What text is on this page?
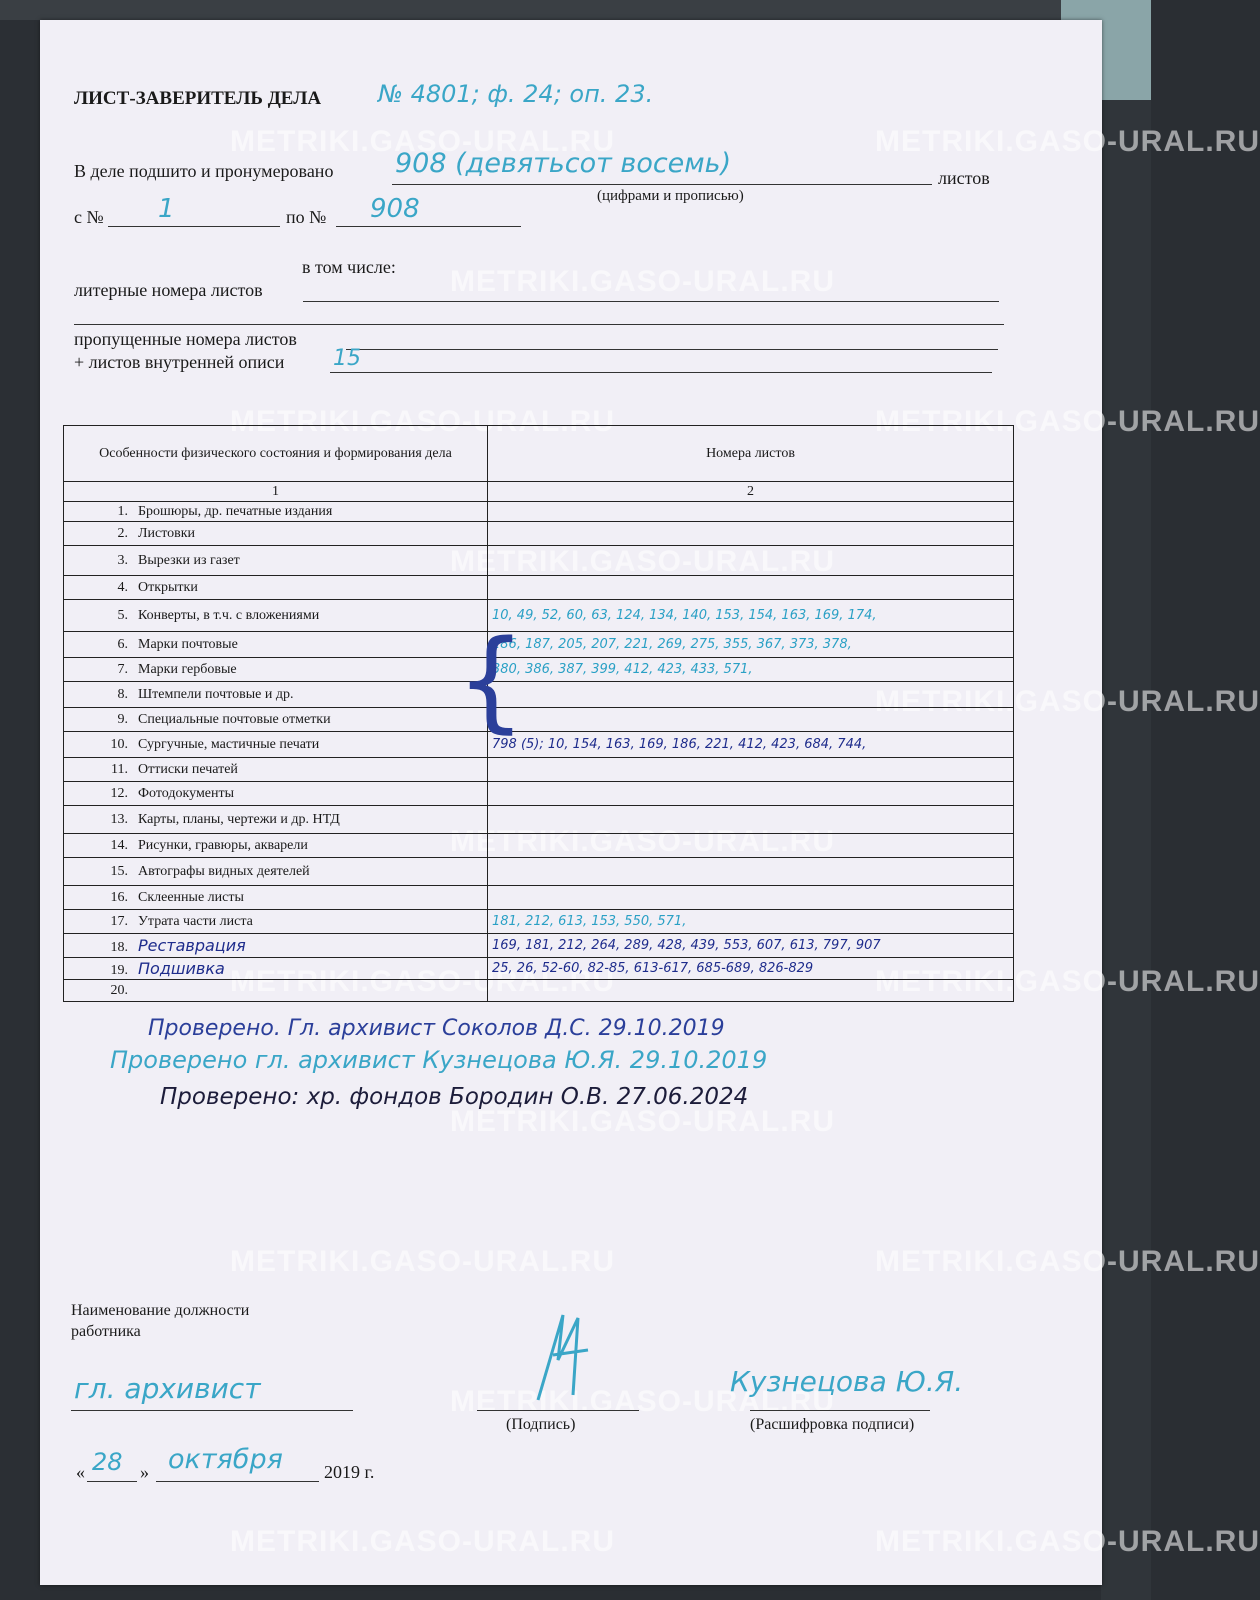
METRIKI.GASO-URAL.RU	METRIKI.GASO-URAL.RU
METRIKI.GASO-URAL.RU
METRIKI.GASO-URAL.RU	METRIKI.GASO-URAL.RU
METRIKI.GASO-URAL.RU
METRIKI.GASO-URAL.RU
METRIKI.GASO-URAL.RU
METRIKI.GASO-URAL.RU	METRIKI.GASO-URAL.RU
METRIKI.GASO-URAL.RU
METRIKI.GASO-URAL.RU	METRIKI.GASO-URAL.RU
METRIKI.GASO-URAL.RU
METRIKI.GASO-URAL.RU	METRIKI.GASO-URAL.RU
ЛИСТ-ЗАВЕРИТЕЛЬ ДЕЛА № 4801; ф. 24; оп. 23.
В деле подшито и пронумеровано 908 (девятьсот восемь)	листов
(цифрами и прописью)
с № 1	по № 908
в том числе:
литерные номера листов
пропущенные номера листов
+ листов внутренней описи 15
Особенности физического состояния и формирования дела	Номера листов
1	2
1. Брошюры, др. печатные издания	

2. Листовки	

3. Вырезки из газет	

4. Открытки	

5. Конверты, в т.ч. с вложениями	10, 49, 52, 60, 63, 124, 134, 140, 153, 154, 163, 169, 174,

6. Марки почтовые	186, 187, 205, 207, 221, 269, 275, 355, 367, 373, 378,

7. Марки гербовые	380, 386, 387, 399, 412, 423, 433, 571,

8. Штемпели почтовые и др.	

9. Специальные почтовые отметки	

10. Сургучные, мастичные печати	798 (5); 10, 154, 163, 169, 186, 221, 412, 423, 684, 744,

11. Оттиски печатей	

12. Фотодокументы	

13. Карты, планы, чертежи и др. НТД	

14. Рисунки, гравюры, акварели	

15. Автографы видных деятелей	

16. Склеенные листы	

17. Утрата части листа	181, 212, 613, 153, 550, 571,

18. Реставрация	169, 181, 212, 264, 289, 428, 439, 553, 607, 613, 797, 907

19. Подшивка	25, 26, 52-60, 82-85, 613-617, 685-689, 826-829

20.	
{
Проверено. Гл. архивист Соколов Д.С. 29.10.2019
Проверено гл. архивист Кузнецова Ю.Я. 29.10.2019
Проверено: хр. фондов Бородин О.В. 27.06.2024
Наименование должности
работника
гл. архивист
(Подпись)
Кузнецова Ю.Я.
(Расшифровка подписи)
« 28 » октября 2019 г.
